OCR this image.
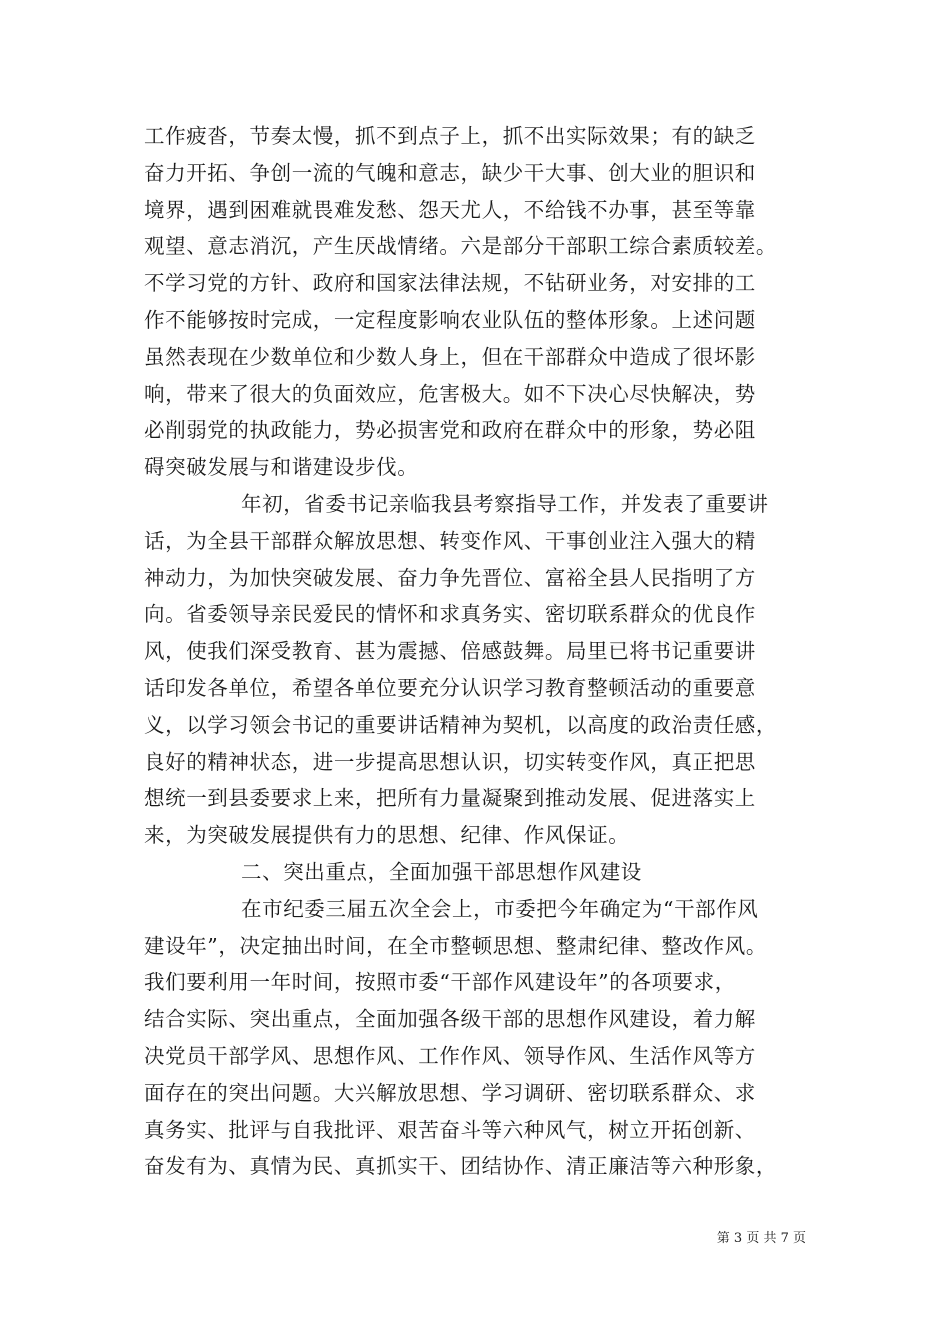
工作疲沓，节奏太慢，抓不到点子上，抓不出实际效果；有的缺乏
奋力开拓、争创一流的气魄和意志，缺少干大事、创大业的胆识和
境界，遇到困难就畏难发愁、怨天尤人，不给钱不办事，甚至等靠
观望、意志消沉，产生厌战情绪。六是部分干部职工综合素质较差。
不学习党的方针、政府和国家法律法规，不钻研业务，对安排的工
作不能够按时完成，一定程度影响农业队伍的整体形象。上述问题
虽然表现在少数单位和少数人身上，但在干部群众中造成了很坏影
响，带来了很大的负面效应，危害极大。如不下决心尽快解决，势
必削弱党的执政能力，势必损害党和政府在群众中的形象，势必阻
碍突破发展与和谐建设步伐。
年初，省委书记亲临我县考察指导工作，并发表了重要讲
话，为全县干部群众解放思想、转变作风、干事创业注入强大的精
神动力，为加快突破发展、奋力争先晋位、富裕全县人民指明了方
向。省委领导亲民爱民的情怀和求真务实、密切联系群众的优良作
风，使我们深受教育、甚为震撼、倍感鼓舞。局里已将书记重要讲
话印发各单位，希望各单位要充分认识学习教育整顿活动的重要意
义，以学习领会书记的重要讲话精神为契机，以高度的政治责任感，
良好的精神状态，进一步提高思想认识，切实转变作风，真正把思
想统一到县委要求上来，把所有力量凝聚到推动发展、促进落实上
来，为突破发展提供有力的思想、纪律、作风保证。
二、突出重点，全面加强干部思想作风建设
在市纪委三届五次全会上，市委把今年确定为“干部作风
建设年”，决定抽出时间，在全市整顿思想、整肃纪律、整改作风。
我们要利用一年时间，按照市委“干部作风建设年”的各项要求，
结合实际、突出重点，全面加强各级干部的思想作风建设，着力解
决党员干部学风、思想作风、工作作风、领导作风、生活作风等方
面存在的突出问题。大兴解放思想、学习调研、密切联系群众、求
真务实、批评与自我批评、艰苦奋斗等六种风气，树立开拓创新、
奋发有为、真情为民、真抓实干、团结协作、清正廉洁等六种形象，
第 3 页 共 7 页
